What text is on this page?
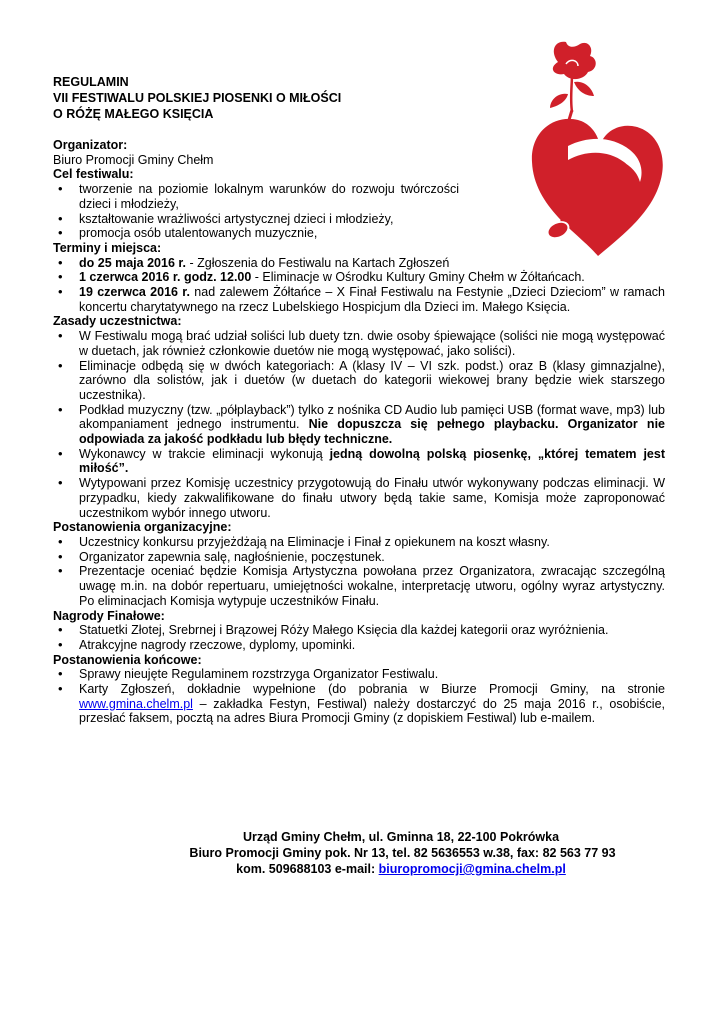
REGULAMIN
VII FESTIWALU POLSKIEJ PIOSENKI O MIŁOŚCI
O RÓŻĘ MAŁEGO KSIĘCIA
Organizator:
Biuro Promocji Gminy Chełm
Cel festiwalu:
• tworzenie na poziomie lokalnym warunków do rozwoju twórczości dzieci i młodzieży,
• kształtowanie wrażliwości artystycznej dzieci i młodzieży,
• promocja osób utalentowanych muzycznie,
Terminy i miejsca:
• do 25 maja 2016 r. - Zgłoszenia do Festiwalu na Kartach Zgłoszeń
• 1 czerwca 2016 r. godz. 12.00 - Eliminacje w Ośrodku Kultury Gminy Chełm w Żółtańcach.
• 19 czerwca 2016 r. nad zalewem Żółtańce – X Finał Festiwalu na Festynie „Dzieci Dzieciom” w ramach koncertu charytatywnego na rzecz Lubelskiego Hospicjum dla Dzieci im. Małego Księcia.
Zasady uczestnictwa:
• W Festiwalu mogą brać udział soliści lub duety tzn. dwie osoby śpiewające (soliści nie mogą występować w duetach, jak również członkowie duetów nie mogą występować, jako soliści).
• Eliminacje odbędą się w dwóch kategoriach: A (klasy IV – VI szk. podst.) oraz B (klasy gimnazjalne), zarówno dla solistów, jak i duetów (w duetach do kategorii wiekowej brany będzie wiek starszego uczestnika).
• Podkład muzyczny (tzw. „półplayback”) tylko z nośnika CD Audio lub pamięci USB (format wave, mp3) lub akompaniament jednego instrumentu. Nie dopuszcza się pełnego playbacku. Organizator nie odpowiada za jakość podkładu lub błędy techniczne.
• Wykonawcy w trakcie eliminacji wykonują jedną dowolną polską piosenkę, „której tematem jest miłość”.
• Wytypowani przez Komisję uczestnicy przygotowują do Finału utwór wykonywany podczas eliminacji. W przypadku, kiedy zakwalifikowane do finału utwory będą takie same, Komisja może zaproponować uczestnikom wybór innego utworu.
Postanowienia organizacyjne:
• Uczestnicy konkursu przyjeżdżają na Eliminacje i Finał z opiekunem na koszt własny.
• Organizator zapewnia salę, nagłośnienie, poczęstunek.
• Prezentacje oceniać będzie Komisja Artystyczna powołana przez Organizatora, zwracając szczególną uwagę m.in. na dobór repertuaru, umiejętności wokalne, interpretację utworu, ogólny wyraz artystyczny. Po eliminacjach Komisja wytypuje uczestników Finału.
Nagrody Finałowe:
• Statuetki Złotej, Srebrnej i Brązowej Róży Małego Księcia dla każdej kategorii oraz wyróżnienia.
• Atrakcyjne nagrody rzeczowe, dyplomy, upominki.
Postanowienia końcowe:
• Sprawy nieujęte Regulaminem rozstrzyga Organizator Festiwalu.
• Karty Zgłoszeń, dokładnie wypełnione (do pobrania w Biurze Promocji Gminy, na stronie www.gmina.chelm.pl – zakładka Festyn, Festiwal) należy dostarczyć do 25 maja 2016 r., osobiście, przesłać faksem, pocztą na adres Biura Promocji Gminy (z dopiskiem Festiwal) lub e-mailem.
Urząd Gminy Chełm, ul. Gminna 18, 22-100 Pokrówka
Biuro Promocji Gminy pok. Nr 13, tel. 82 5636553 w.38, fax: 82 563 77 93
kom. 509688103 e-mail: biuropromocji@gmina.chelm.pl
